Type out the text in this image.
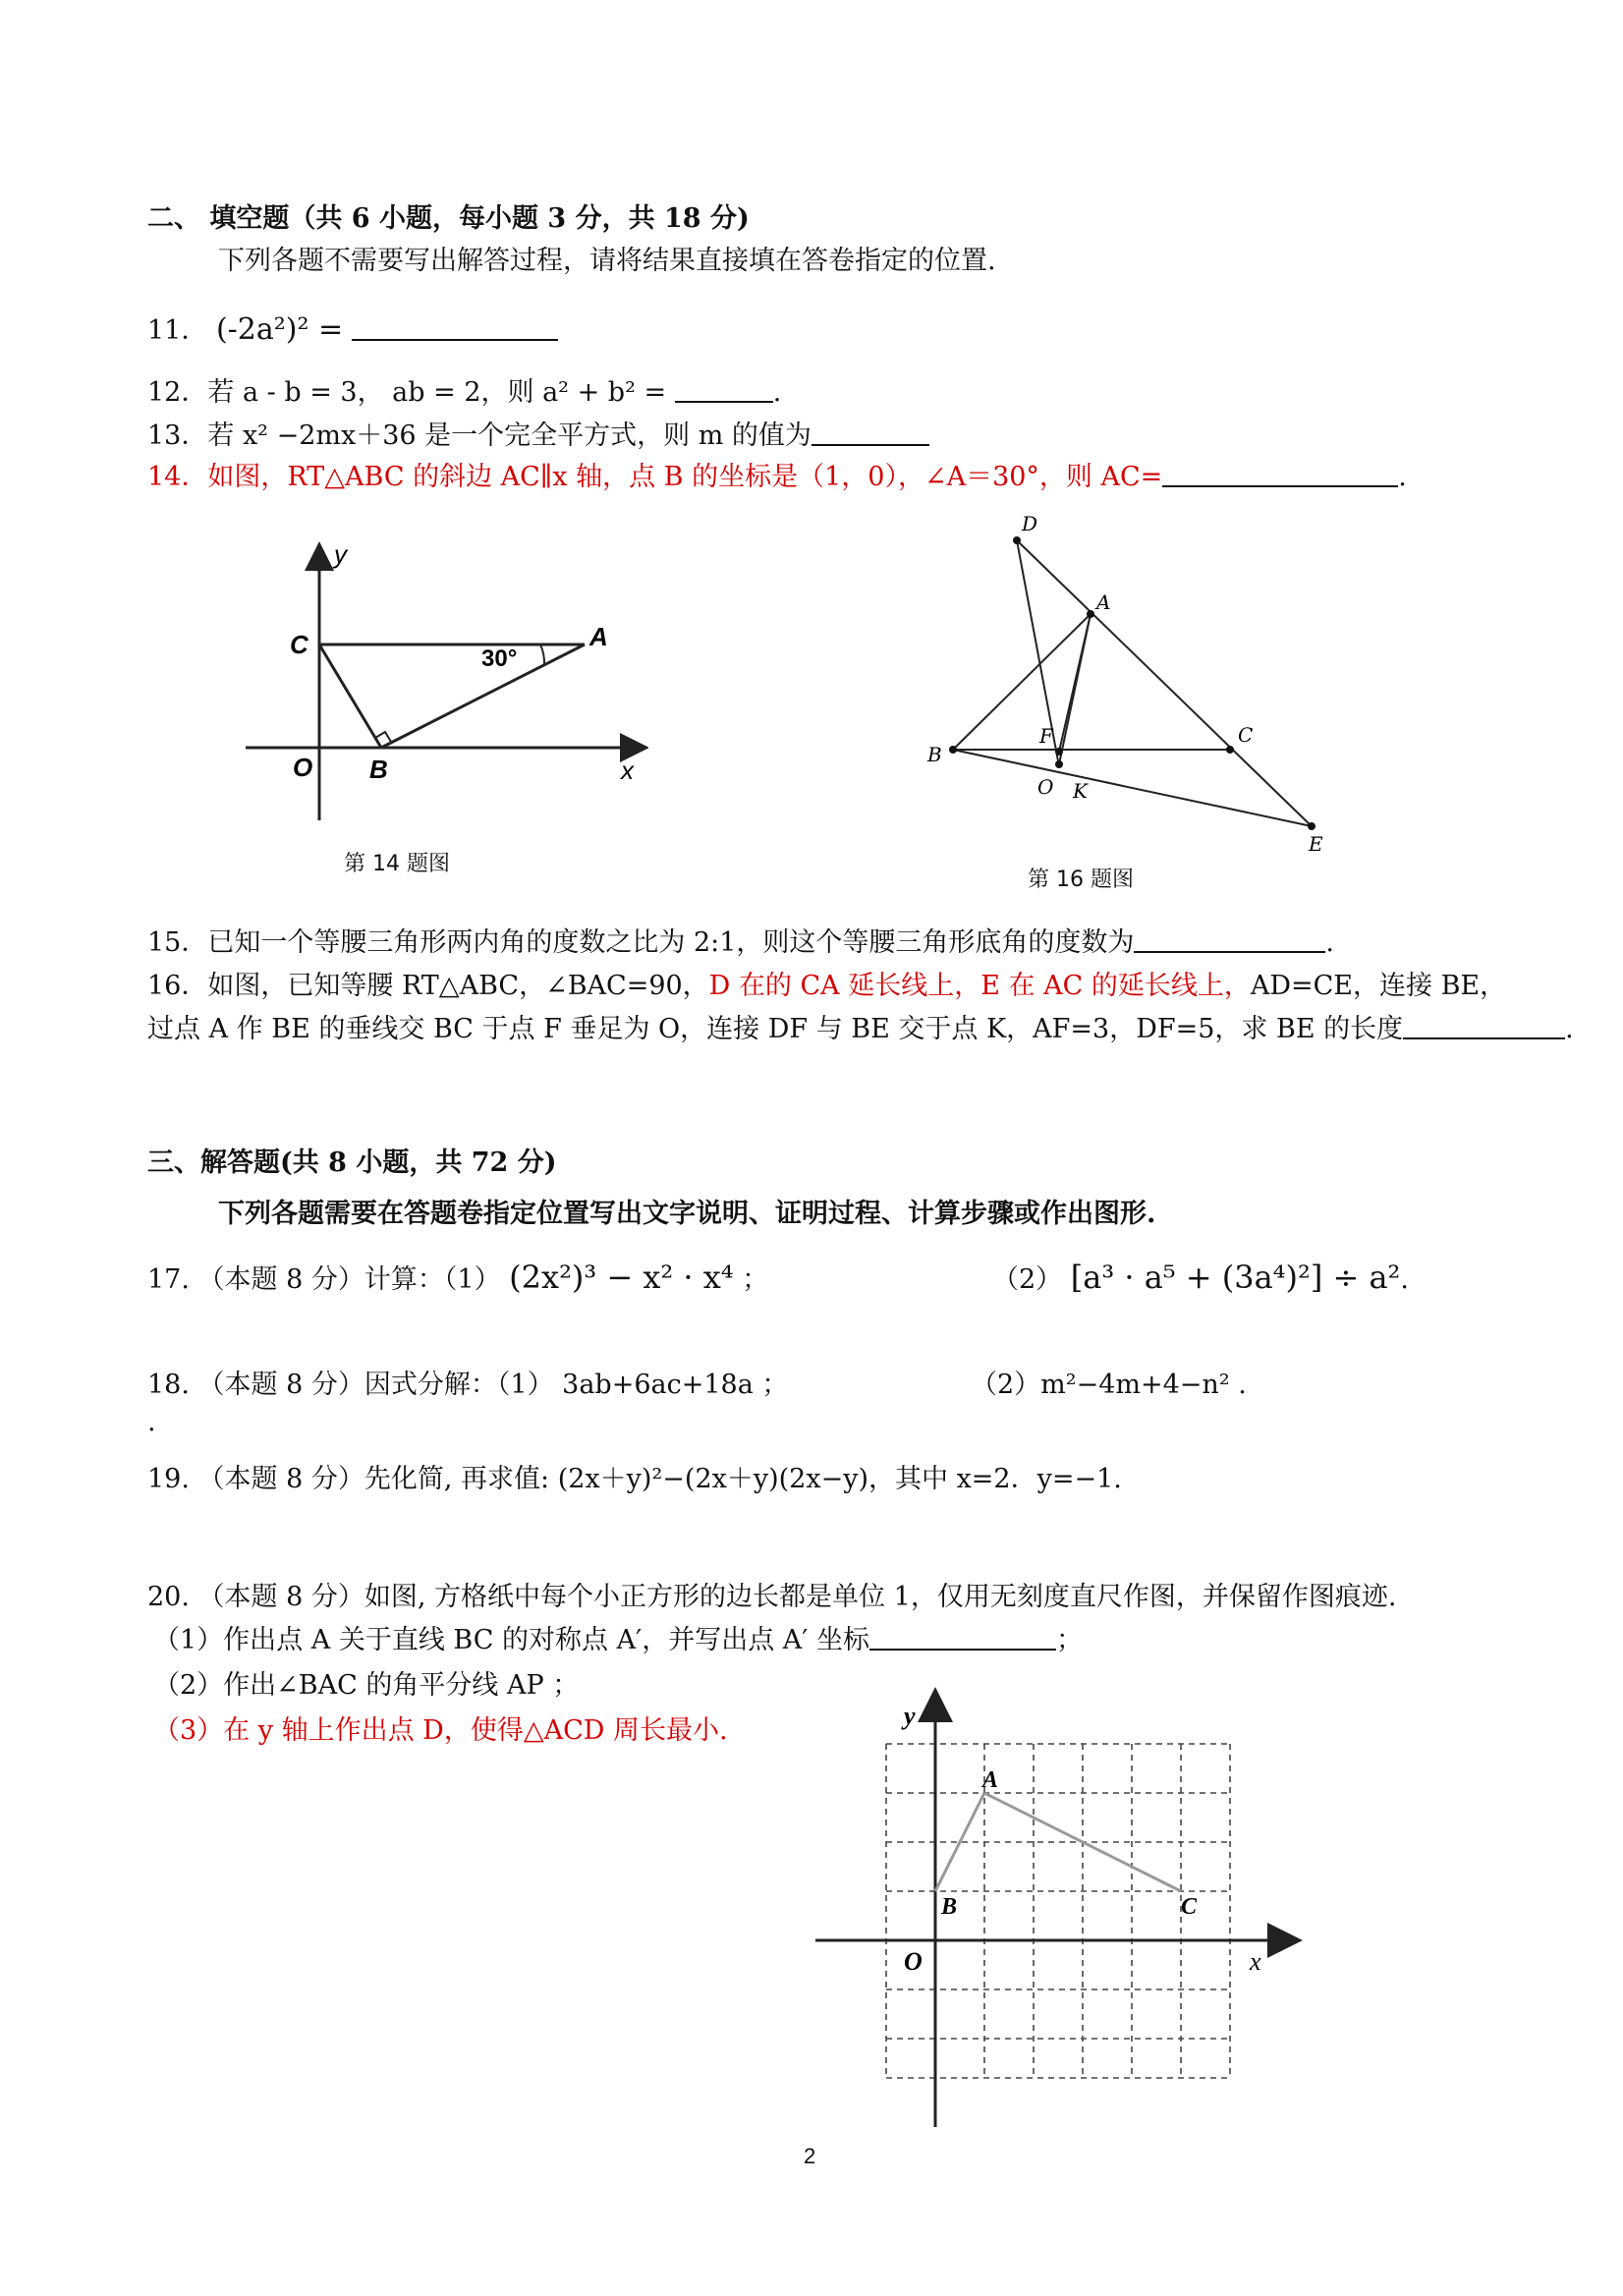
二、 填空题（共 6 小题，每小题 3 分，共 18 分)
下列各题不需要写出解答过程，请将结果直接填在答卷指定的位置.
11． (-2a²)² =
12．若 a - b = 3， ab = 2，则 a² + b² =	.
13．若 x² −2mx＋36 是一个完全平方式，则 m 的值为
14．如图，RT△ABC 的斜边 AC∥x 轴，点 B 的坐标是（1，0），∠A＝30°，则 AC=	.
y
C	A
30°
O B	x
第 14 题图
D
A
B
F	C
O K
E
第 16 题图
15．已知一个等腰三角形两内角的度数之比为 2:1，则这个等腰三角形底角的度数为	.
16．如图，已知等腰 RT△ABC，∠BAC=90，D 在的 CA 延长线上，E 在 AC 的延长线上，AD=CE，连接 BE，
过点 A 作 BE 的垂线交 BC 于点 F 垂足为 O，连接 DF 与 BE 交于点 K，AF=3，DF=5，求 BE 的长度	.
三、解答题(共 8 小题，共 72 分)
下列各题需要在答题卷指定位置写出文字说明、证明过程、计算步骤或作出图形.
17. （本题 8 分）计算：（1） (2x²)³ − x² · x⁴ ；	（2） [a³ · a⁵ + (3a⁴)²] ÷ a².
18. （本题 8 分）因式分解：（1） 3ab+6ac+18a ；	（2）m²−4m+4−n² .
.
19. （本题 8 分）先化简, 再求值: (2x＋y)²−(2x＋y)(2x−y)，其中 x=2．y=−1.
20. （本题 8 分）如图, 方格纸中每个小正方形的边长都是单位 1，仅用无刻度直尺作图，并保留作图痕迹.
（1）作出点 A 关于直线 BC 的对称点 A′，并写出点 A′ 坐标	；
（2）作出∠BAC 的角平分线 AP ；
（3）在 y 轴上作出点 D，使得△ACD 周长最小.	y
A
B	C
O	x
2
